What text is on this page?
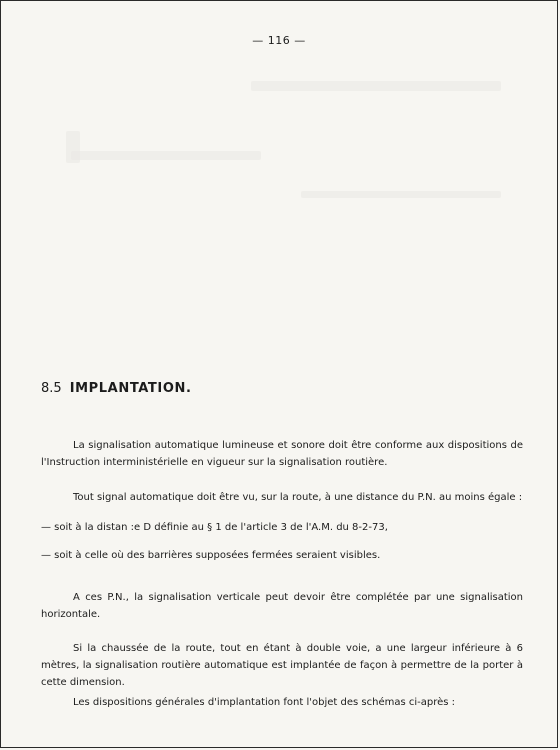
— 116 —
8.5 IMPLANTATION.
La signalisation automatique lumineuse et sonore doit être conforme aux dispositions de l'Instruction interministérielle en vigueur sur la signalisation routière.
Tout signal automatique doit être vu, sur la route, à une distance du P.N. au moins égale :
— soit à la distan :e D définie au § 1 de l'article 3 de l'A.M. du 8-2-73,
— soit à celle où des barrières supposées fermées seraient visibles.
A ces P.N., la signalisation verticale peut devoir être complétée par une signalisation horizontale.
Si la chaussée de la route, tout en étant à double voie, a une largeur inférieure à 6 mètres, la signalisation routière automatique est implantée de façon à permettre de la porter à cette dimension.
Les dispositions générales d'implantation font l'objet des schémas ci-après :
